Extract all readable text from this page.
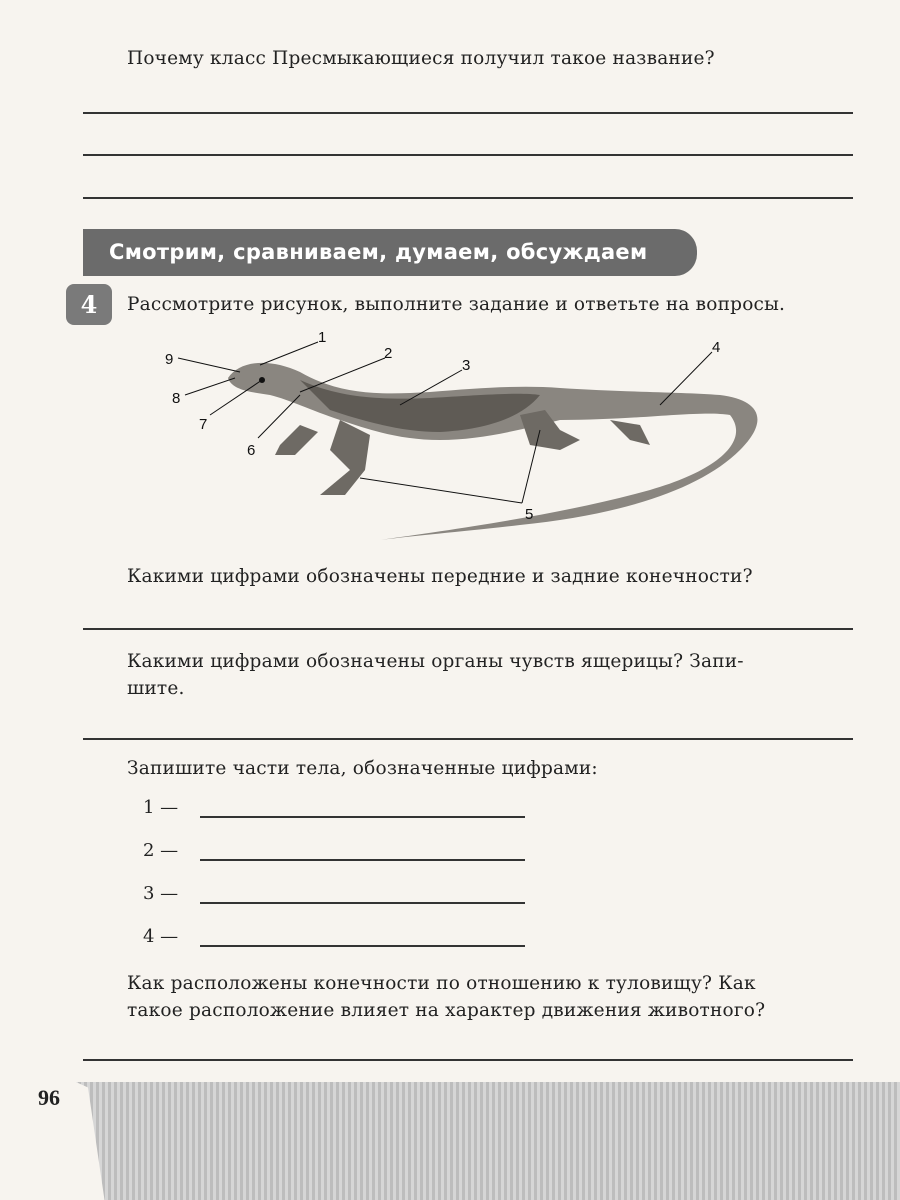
Почему класс Пресмыкающиеся получил такое название?
Смотрим, сравниваем, думаем, обсуждаем
4	Рассмотрите рисунок, выполните задание и ответьте на вопросы.
1
2
3
4
5
6
7
8
9
Какими цифрами обозначены передние и задние конечности?
Какими цифрами обозначены органы чувств ящерицы? Запи-
шите.
Запишите части тела, обозначенные цифрами:
1 —
2 —
3 —
4 —
Как расположены конечности по отношению к туловищу? Как
такое расположение влияет на характер движения животного?
96
